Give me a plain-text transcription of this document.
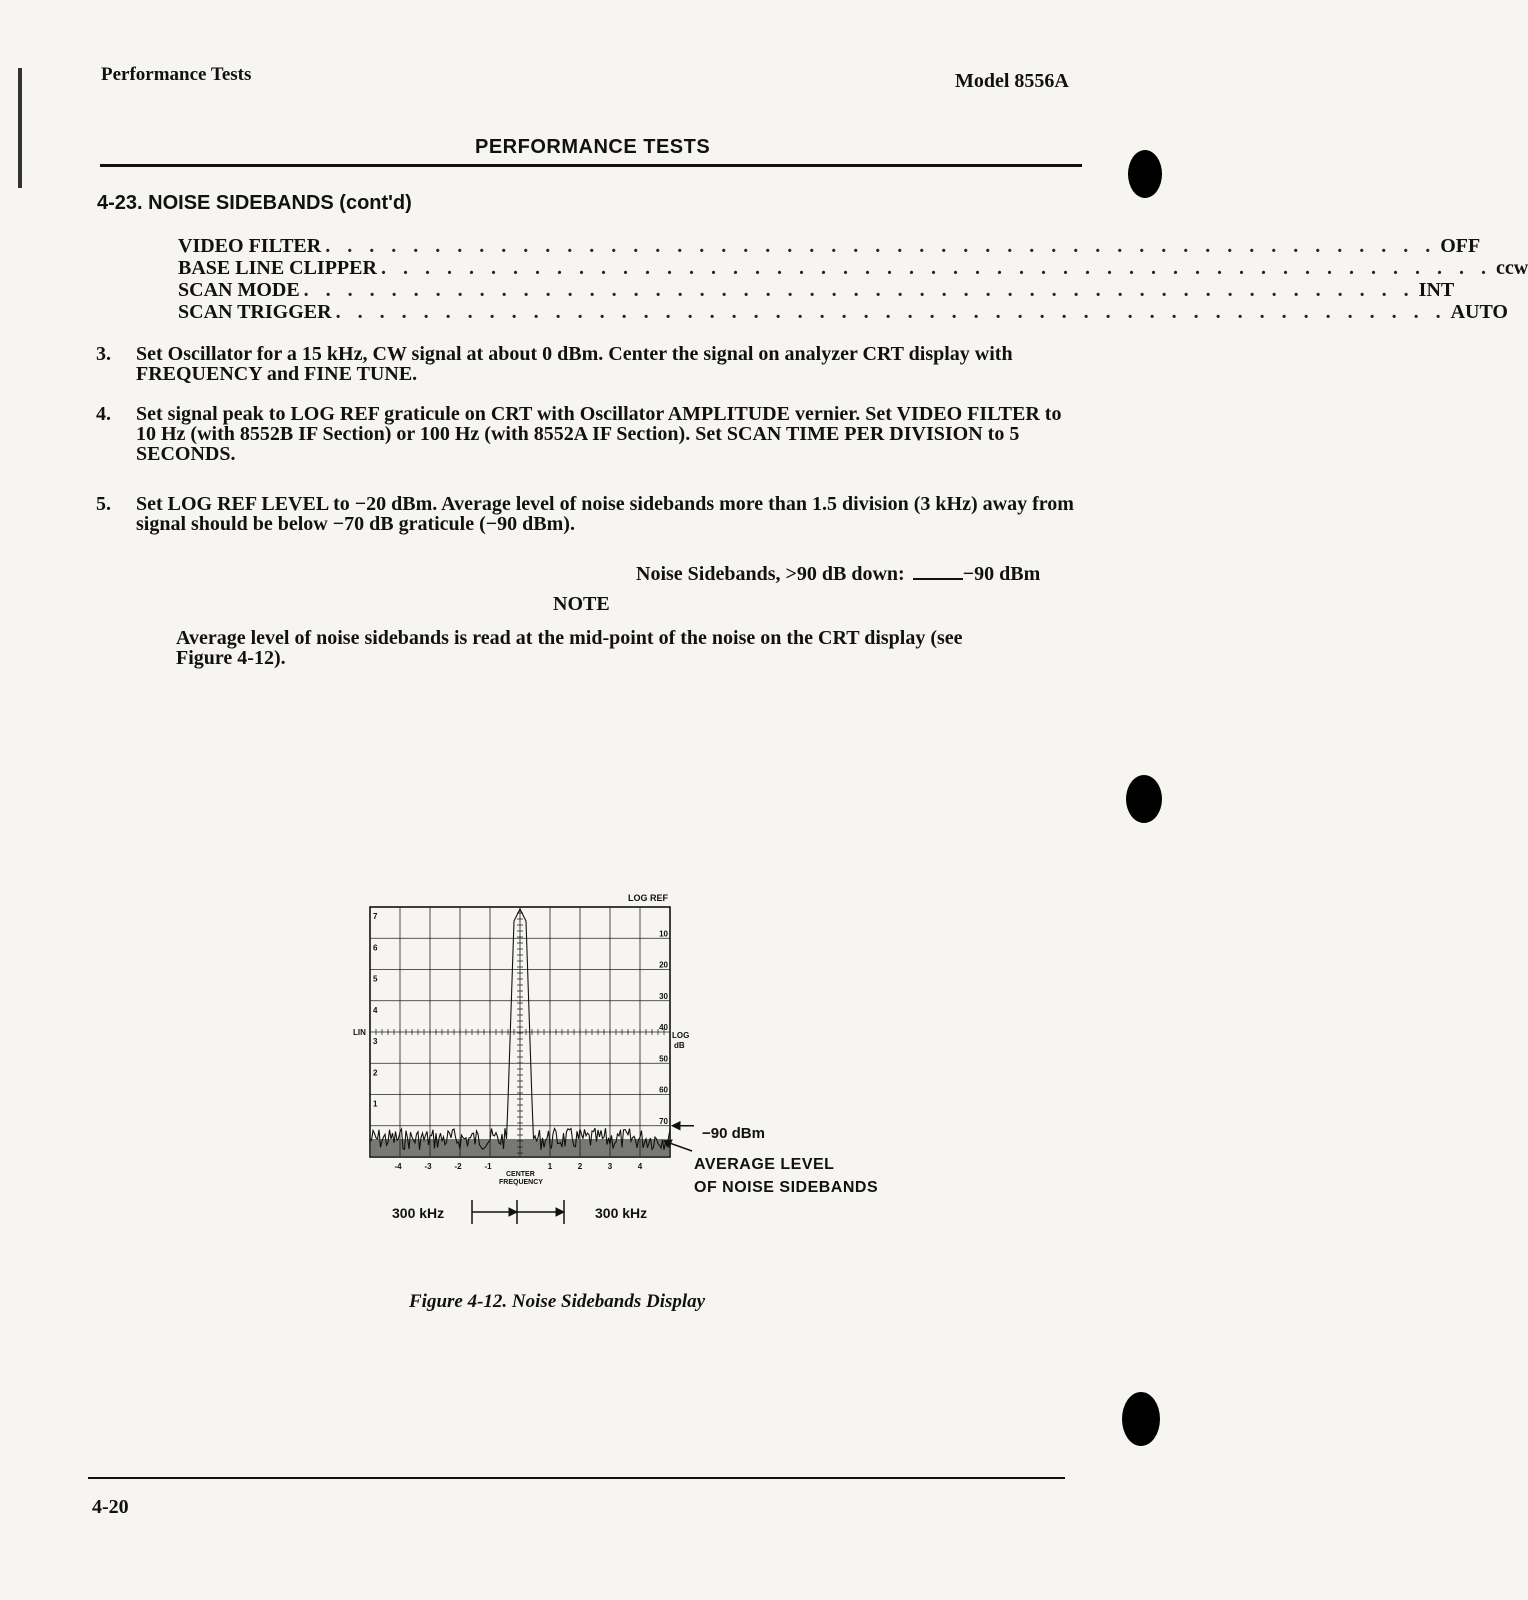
Performance Tests	Model 8556A
PERFORMANCE TESTS
4-23. NOISE SIDEBANDS (cont'd)
VIDEO FILTER . . . . . . . . . . . . . . . . . . . . . . . . . . . . . . . . . . . . . . . . . . . . . . . . . . . OFF
BASE LINE CLIPPER . . . . . . . . . . . . . . . . . . . . . . . . . . . . . . . . . . . . . . . . . . . . . . . . . . . ccw
SCAN MODE . . . . . . . . . . . . . . . . . . . . . . . . . . . . . . . . . . . . . . . . . . . . . . . . . . . INT
SCAN TRIGGER . . . . . . . . . . . . . . . . . . . . . . . . . . . . . . . . . . . . . . . . . . . . . . . . . . . AUTO
3. Set Oscillator for a 15 kHz, CW signal at about 0 dBm. Center the signal on analyzer CRT display with FREQUENCY and FINE TUNE.
4. Set signal peak to LOG REF graticule on CRT with Oscillator AMPLITUDE vernier. Set VIDEO FILTER to 10 Hz (with 8552B IF Section) or 100 Hz (with 8552A IF Section). Set SCAN TIME PER DIVISION to 5 SECONDS.
5. Set LOG REF LEVEL to −20 dBm. Average level of noise sidebands more than 1.5 division (3 kHz) away from signal should be below −70 dB graticule (−90 dBm).
Noise Sidebands, >90 dB down:	−90 dBm
NOTE
Average level of noise sidebands is read at the mid-point of the noise on the CRT display (see Figure 4-12).
LOG REF
LIN	LOG
dB
CENTER
FREQUENCY
300 kHz	300 kHz
−90 dBm
AVERAGE LEVEL
OF NOISE SIDEBANDS
7
6
5
4
3
2
1
10
20
30
40
50
60
70
-4	-3	-2	-1	1	2	3	4
Figure 4-12. Noise Sidebands Display
4-20
